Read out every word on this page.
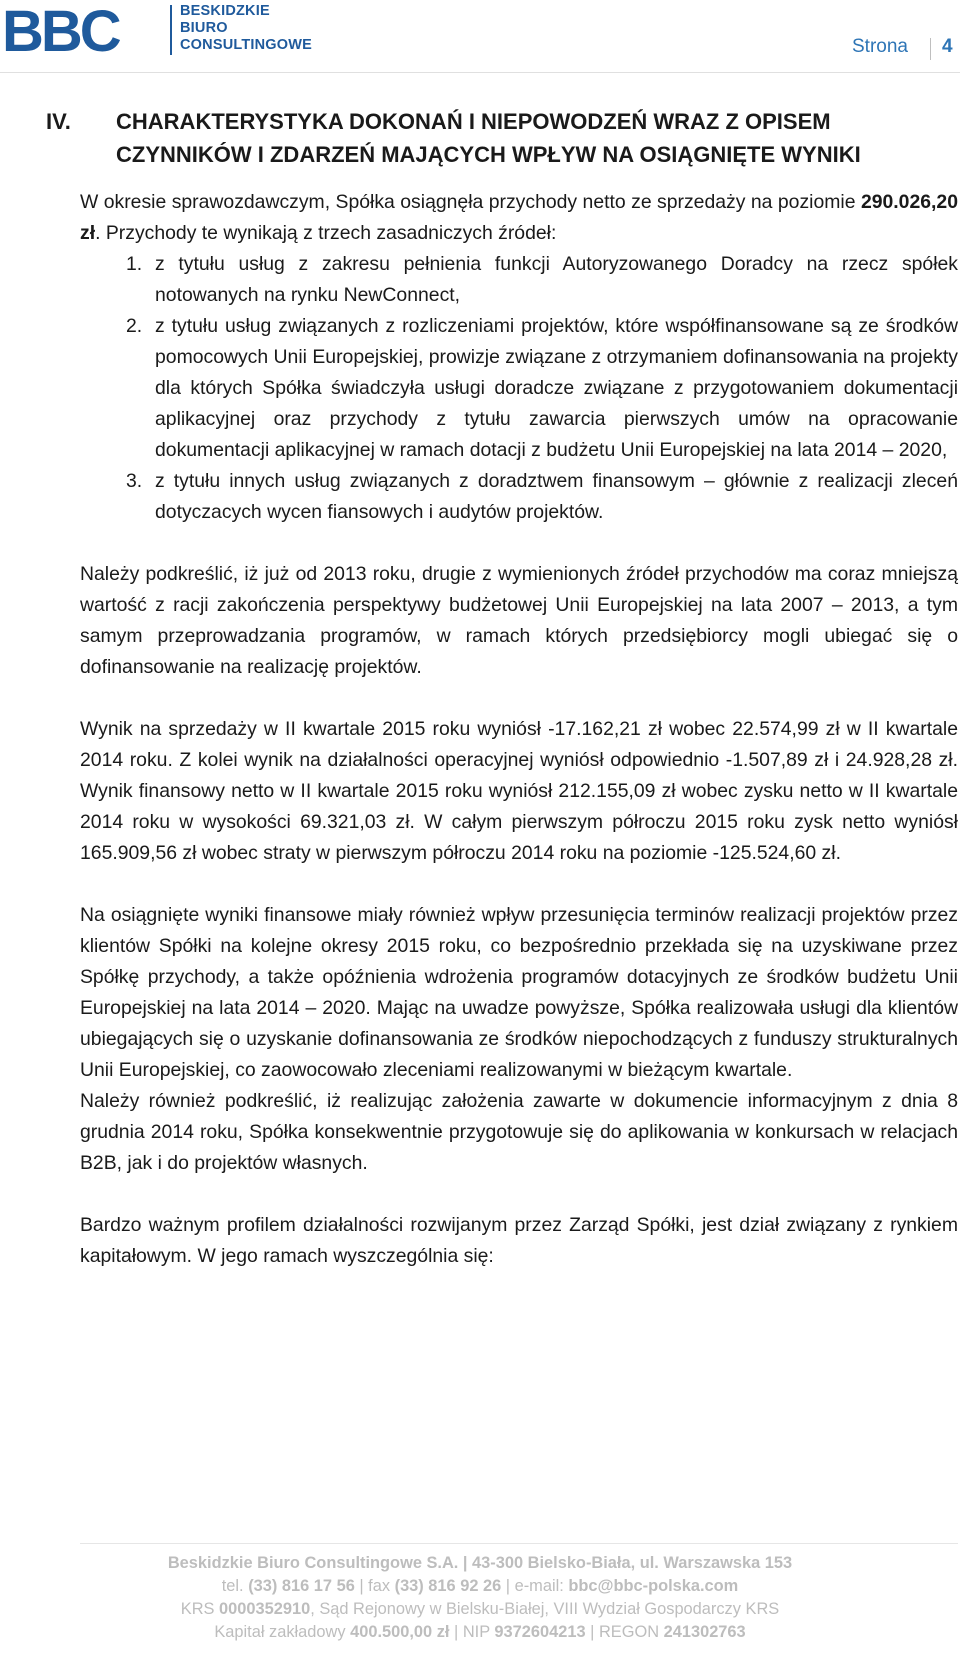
BBC	BESKIDZKIE
BIURO
CONSULTINGOWE	Strona 4
IV. CHARAKTERYSTYKA DOKONAŃ I NIEPOWODZEŃ WRAZ Z OPISEM CZYNNIKÓW I ZDARZEŃ MAJĄCYCH WPŁYW NA OSIĄGNIĘTE WYNIKI

W okresie sprawozdawczym, Spółka osiągnęła przychody netto ze sprzedaży na poziomie 290.026,20 zł. Przychody te wynikają z trzech zasadniczych źródeł:

1. z tytułu usług z zakresu pełnienia funkcji Autoryzowanego Doradcy na rzecz spółek notowanych na rynku NewConnect,
2. z tytułu usług związanych z rozliczeniami projektów, które współfinansowane są ze środków pomocowych Unii Europejskiej, prowizje związane z otrzymaniem dofinansowania na projekty dla których Spółka świadczyła usługi doradcze związane z przygotowaniem dokumentacji aplikacyjnej oraz przychody z tytułu zawarcia pierwszych umów na opracowanie dokumentacji aplikacyjnej w ramach dotacji z budżetu Unii Europejskiej na lata 2014 – 2020,
3. z tytułu innych usług związanych z doradztwem finansowym – głównie z realizacji zleceń dotyczacych wycen fiansowych i audytów projektów.

Należy podkreślić, iż już od 2013 roku, drugie z wymienionych źródeł przychodów ma coraz mniejszą wartość z racji zakończenia perspektywy budżetowej Unii Europejskiej na lata 2007 – 2013, a tym samym przeprowadzania programów, w ramach których przedsiębiorcy mogli ubiegać się o dofinansowanie na realizację projektów.

Wynik na sprzedaży w II kwartale 2015 roku wyniósł -17.162,21 zł wobec 22.574,99 zł w II kwartale 2014 roku. Z kolei wynik na działalności operacyjnej wyniósł odpowiednio -1.507,89 zł i 24.928,28 zł. Wynik finansowy netto w II kwartale 2015 roku wyniósł 212.155,09 zł wobec zysku netto w II kwartale 2014 roku w wysokości 69.321,03 zł. W całym pierwszym półroczu 2015 roku zysk netto wyniósł 165.909,56 zł wobec straty w pierwszym półroczu 2014 roku na poziomie -125.524,60 zł.

Na osiągnięte wyniki finansowe miały również wpływ przesunięcia terminów realizacji projektów przez klientów Spółki na kolejne okresy 2015 roku, co bezpośrednio przekłada się na uzyskiwane przez Spółkę przychody, a także opóźnienia wdrożenia programów dotacyjnych ze środków budżetu Unii Europejskiej na lata 2014 – 2020. Mając na uwadze powyższe, Spółka realizowała usługi dla klientów ubiegających się o uzyskanie dofinansowania ze środków niepochodzących z funduszy strukturalnych Unii Europejskiej, co zaowocowało zleceniami realizowanymi w bieżącym kwartale.

Należy również podkreślić, iż realizując założenia zawarte w dokumencie informacyjnym z dnia 8 grudnia 2014 roku, Spółka konsekwentnie przygotowuje się do aplikowania w konkursach w relacjach B2B, jak i do projektów własnych.

Bardzo ważnym profilem działalności rozwijanym przez Zarząd Spółki, jest dział związany z rynkiem kapitałowym. W jego ramach wyszczególnia się:

Beskidzkie Biuro Consultingowe S.A. | 43-300 Bielsko-Biała, ul. Warszawska 153
tel. (33) 816 17 56 | fax (33) 816 92 26 | e-mail: bbc@bbc-polska.com
KRS 0000352910, Sąd Rejonowy w Bielsku-Białej, VIII Wydział Gospodarczy KRS
Kapitał zakładowy 400.500,00 zł | NIP 9372604213 | REGON 241302763
